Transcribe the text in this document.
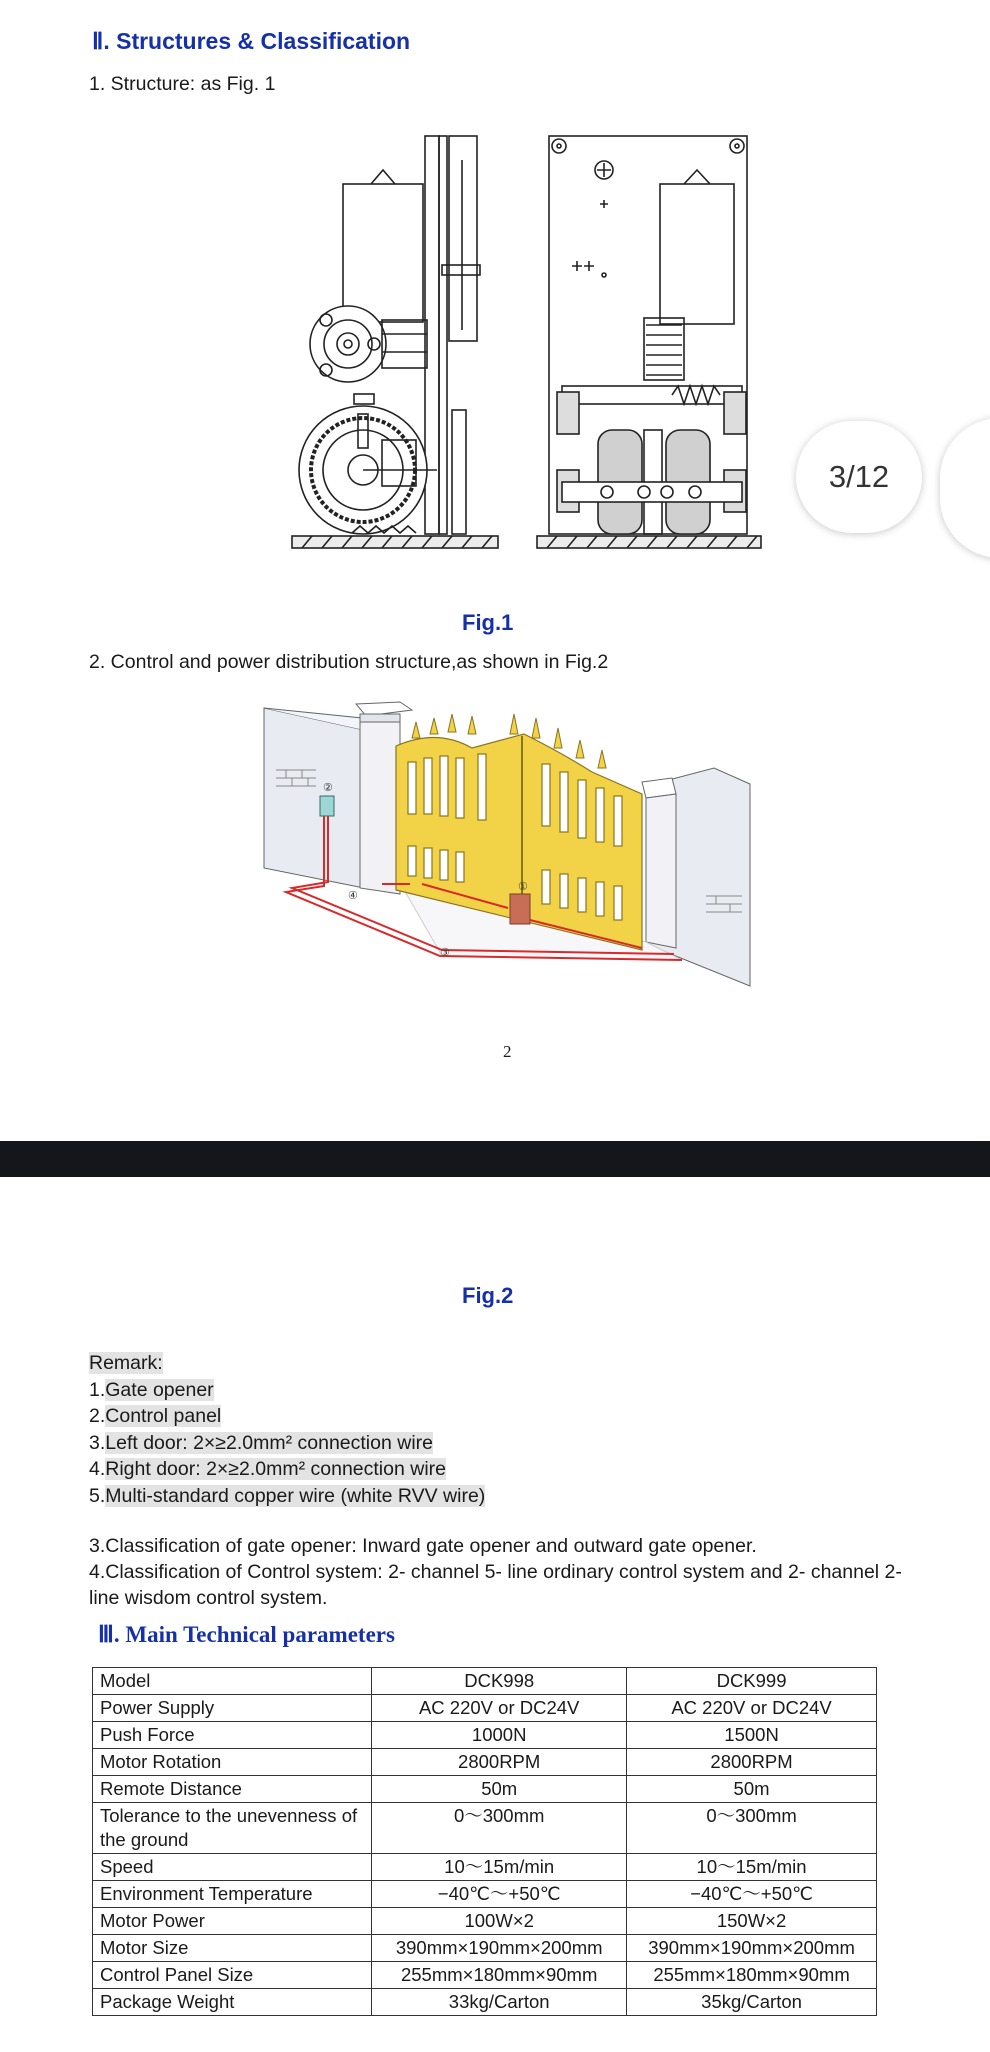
Ⅱ. Structures & Classification
1. Structure: as Fig. 1
Fig.1
2. Control and power distribution structure,as shown in Fig.2
①
②
③
④
2
3/12
Fig.2
Remark:
1.Gate opener
2.Control panel
3.Left door: 2×≥2.0mm² connection wire
4.Right door: 2×≥2.0mm² connection wire
5.Multi-standard copper wire (white RVV wire)
3.Classification of gate opener: Inward gate opener and outward gate opener.
4.Classification of Control system: 2- channel 5- line ordinary control system and 2- channel 2-
line wisdom control system.
Ⅲ. Main Technical parameters
Model	DCK998	DCK999
Power Supply	AC 220V or DC24V	AC 220V or DC24V
Push Force	1000N	1500N
Motor Rotation	2800RPM	2800RPM
Remote Distance	50m	50m
Tolerance to the unevenness of the ground	0～300mm	0～300mm
Speed	10～15m/min	10～15m/min
Environment Temperature	−40℃～+50℃	−40℃～+50℃
Motor Power	100W×2	150W×2
Motor Size	390mm×190mm×200mm	390mm×190mm×200mm
Control Panel Size	255mm×180mm×90mm	255mm×180mm×90mm
Package Weight	33kg/Carton	35kg/Carton
